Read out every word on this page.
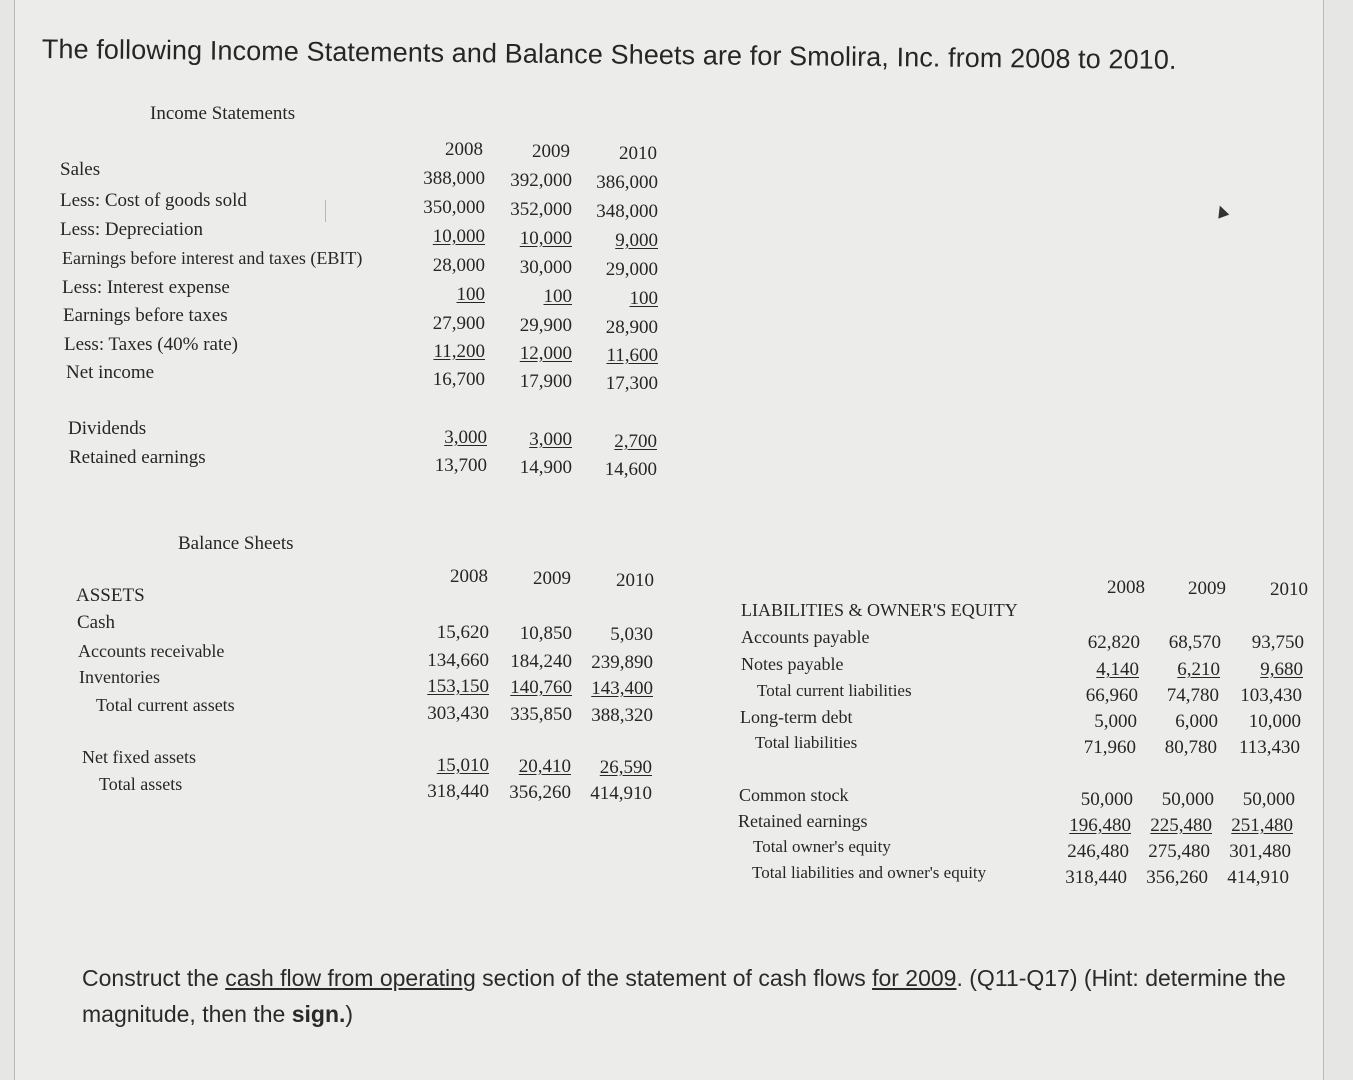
The following Income Statements and Balance Sheets are for Smolira, Inc. from 2008 to 2010.
Income Statements
2008	2009	2010
Sales	388,000	392,000	386,000
Less: Cost of goods sold	350,000	352,000	348,000
Less: Depreciation	10,000	10,000	9,000
Earnings before interest and taxes (EBIT)	28,000	30,000	29,000
Less: Interest expense	100	100	100
Earnings before taxes	27,900	29,900	28,900
Less: Taxes (40% rate)	11,200	12,000	11,600
Net income	16,700	17,900	17,300
Dividends	3,000	3,000	2,700
Retained earnings	13,700	14,900	14,600
Balance Sheets
2008	2009	2010
ASSETS
Cash	15,620	10,850	5,030
Accounts receivable	134,660	184,240	239,890
Inventories	153,150	140,760	143,400
Total current assets	303,430	335,850	388,320
Net fixed assets	15,010	20,410	26,590
Total assets	318,440	356,260	414,910
2008	2009	2010
LIABILITIES & OWNER'S EQUITY
Accounts payable	62,820	68,570	93,750
Notes payable	4,140	6,210	9,680
Total current liabilities	66,960	74,780	103,430
Long-term debt	5,000	6,000	10,000
Total liabilities	71,960	80,780	113,430
Common stock	50,000	50,000	50,000
Retained earnings	196,480	225,480	251,480
Total owner's equity	246,480	275,480	301,480
Total liabilities and owner's equity	318,440	356,260	414,910
▲
Construct the cash flow from operating section of the statement of cash flows for 2009. (Q11-Q17) (Hint: determine the magnitude, then the sign.)
